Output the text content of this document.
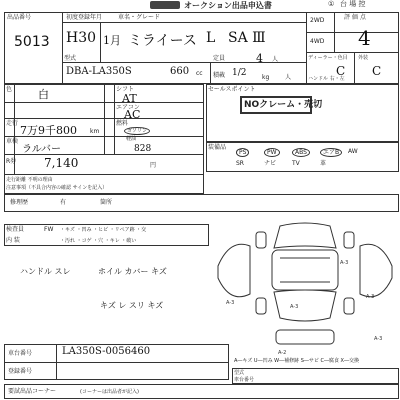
オークション出品申込書	① 台 場 控
出品番号
5013
初度登録年月	車名・グレード
H30 1月 ミライース L SA Ⅲ
型式
DBA-LA350S	660 cc
定員	4 人
積載 1/2	kg	人
2WD
4WD
評 価 点
4
ディーラー・色目 外装
C C
ハンドル 右・左
色 白	シフト
AT
エアコン
AC
走行
7万9千800 km
燃料
ガソリン
軽油
車検
ラルバー	828
R券 7,140	円
走行距離 不明の理由
注意事項（不具合内容の確認 サインを記入）
セールスポイント
NOクレーム・売切
装備品
PS	PW	ABS	エアB	AW
SR	ナビ	TV	革
修理歴	有	箇所
検査員	FW ・キズ ・凹み ・ヒビ ・リペア跡 ・交
内 装	・汚れ ・コゲ ・穴 ・キレ ・破い
ハンドル スレ	ホイル カバー キズ
キズ レ スリ キズ	A-3
A-3
A-3
A-3
A-3
A-2
A―キズ U―凹み W―補修跡 S―サビ C―腐食 X―交換
車台番号	LA350S-0056460
登録番号	型式
車台番号
要試出品コーナー	(コーナーは出品者が記入)
